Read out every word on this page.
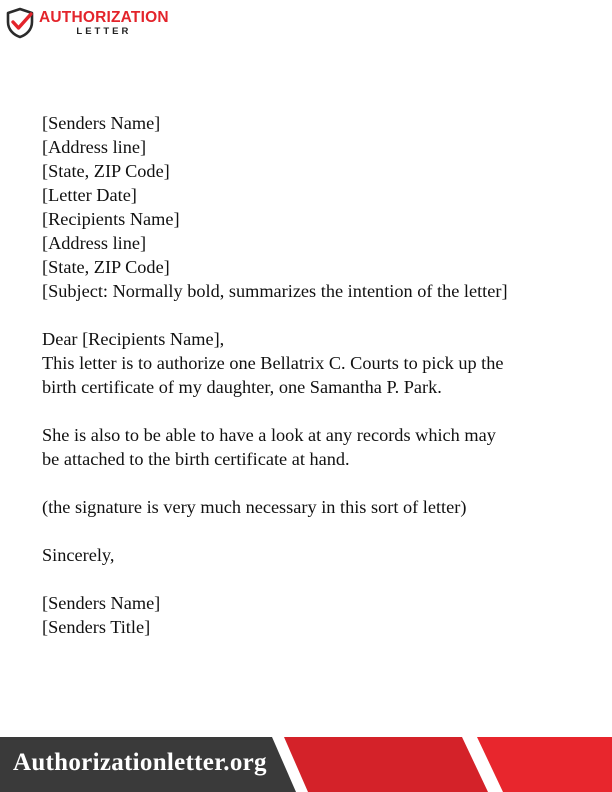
AUTHORIZATION
LETTER
[Senders Name]
[Address line]
[State, ZIP Code]
[Letter Date]
[Recipients Name]
[Address line]
[State, ZIP Code]
[Subject: Normally bold, summarizes the intention of the letter]
Dear [Recipients Name],
This letter is to authorize one Bellatrix C. Courts to pick up the
birth certificate of my daughter, one Samantha P. Park.
She is also to be able to have a look at any records which may
be attached to the birth certificate at hand.
(the signature is very much necessary in this sort of letter)
Sincerely,
[Senders Name]
[Senders Title]
Authorizationletter.org
